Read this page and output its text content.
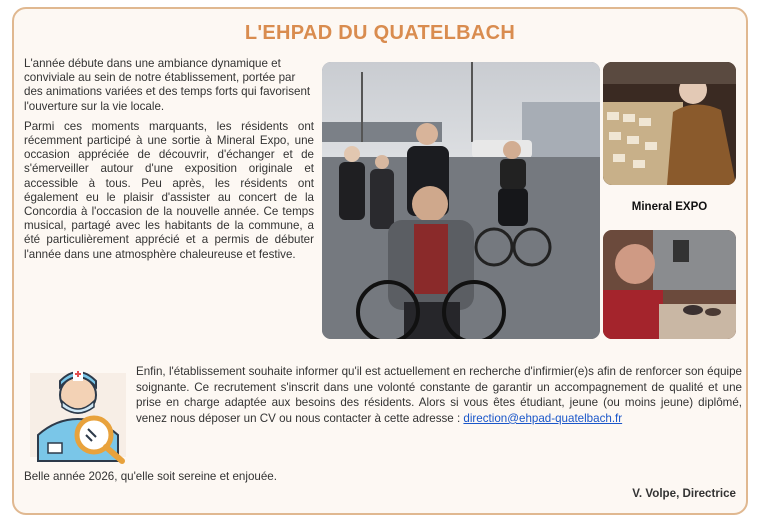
L'EHPAD DU QUATELBACH

L'année débute dans une ambiance dynamique et conviviale au sein de notre établissement, portée par des animations variées et des temps forts qui favorisent l'ouverture sur la vie locale.

Parmi ces moments marquants, les résidents ont récemment participé à une sortie à Mineral Expo, une occasion appréciée de découvrir, d'échanger et de s'émerveiller autour d'une exposition originale et accessible à tous. Peu après, les résidents ont également eu le plaisir d'assister au concert de la Concordia à l'occasion de la nouvelle année. Ce temps musical, partagé avec les habitants de la commune, a été particulièrement apprécié et a permis de débuter l'année dans une atmosphère chaleureuse et festive.

Mineral EXPO
Enfin, l'établissement souhaite informer qu'il est actuellement en recherche d'infirmier(e)s afin de renforcer son équipe soignante. Ce recrutement s'inscrit dans une volonté constante de garantir un accompagnement de qualité et une prise en charge adaptée aux besoins des résidents. Alors si vous êtes étudiant, jeune (ou moins jeune) diplômé, venez nous déposer un CV ou nous contacter à cette adresse : direction@ehpad-quatelbach.fr
Belle année 2026, qu'elle soit sereine et enjouée.
V. Volpe, Directrice
